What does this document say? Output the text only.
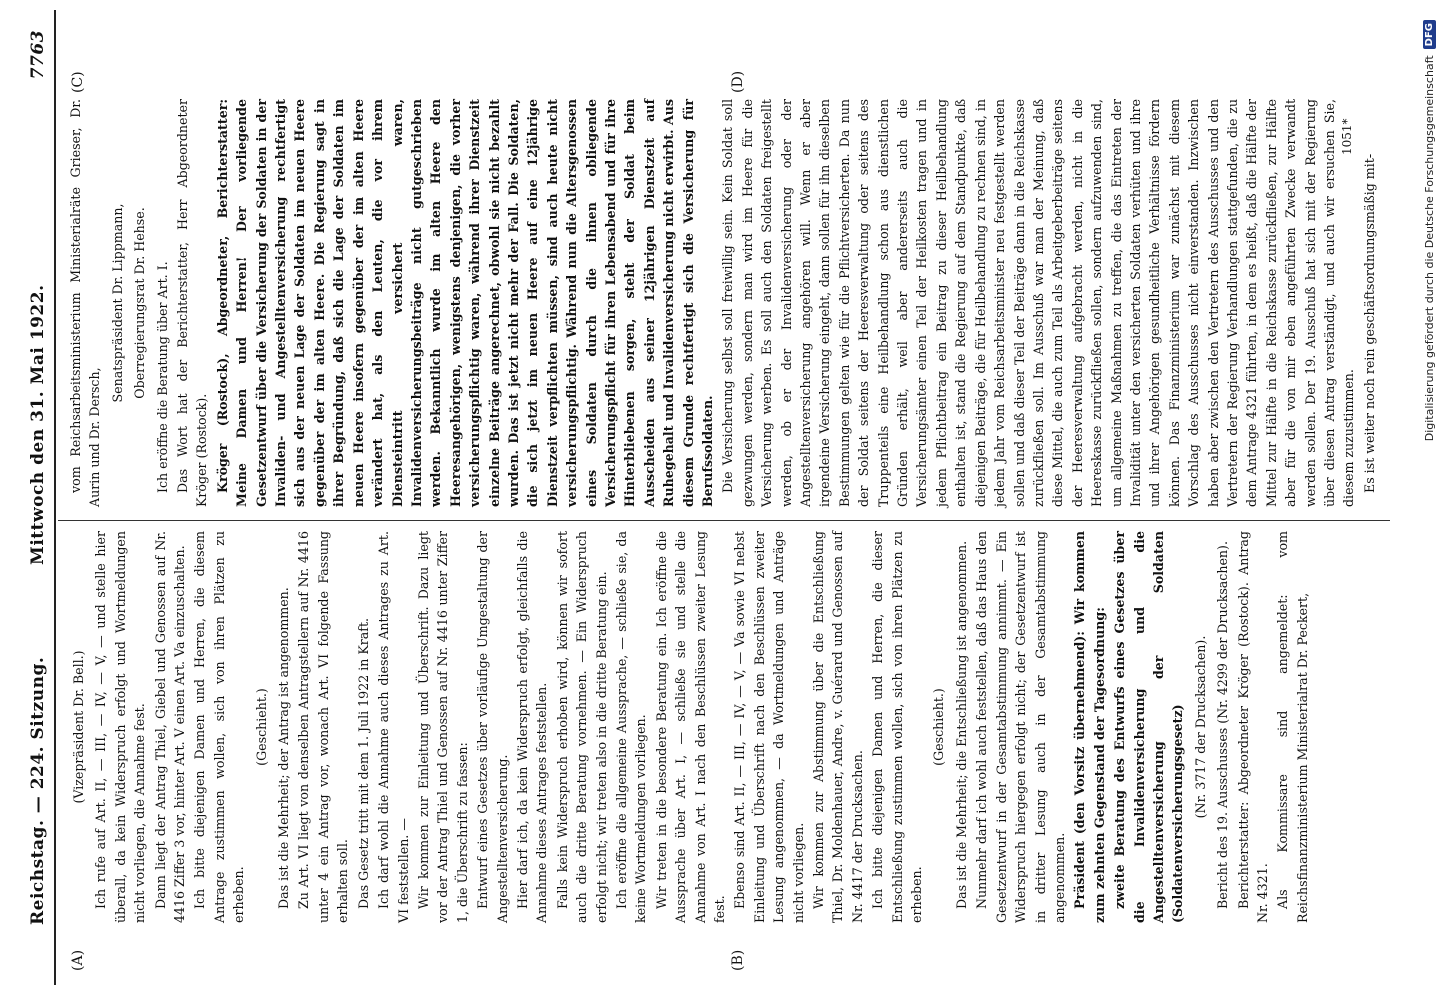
Reichstag. — 224. Sitzung.
Mittwoch den 31. Mai 1922.
7763
(A)	(B)
(C)	(D)

(Vizepräsident Dr. Bell.) Ich rufe auf Art. II, — III, — IV, — V, — und stelle hier überall, da kein Widerspruch erfolgt und Wortmeldungen nicht vorliegen, die Annahme fest. Dann liegt der Antrag Thiel, Giebel und Genossen auf Nr. 4416 Ziffer 3 vor, hinter Art. V einen Art. Va einzuschalten. Ich bitte diejenigen Damen und Herren, die diesem Antrage zustimmen wollen, sich von ihren Plätzen zu erheben.

(Geschieht.) Das ist die Mehrheit; der Antrag ist angenommen. Zu Art. VI liegt von denselben Antragstellern auf Nr. 4416 unter 4 ein Antrag vor, wonach Art. VI folgende Fassung erhalten soll. Das Gesetz tritt mit dem 1. Juli 1922 in Kraft. Ich darf wohl die Annahme auch dieses Antrages zu Art. VI feststellen. — Wir kommen zur Einleitung und Überschrift. Dazu liegt vor der Antrag Thiel und Genossen auf Nr. 4416 unter Ziffer 1, die Überschrift zu fassen: Entwurf eines Gesetzes über vorläufige Umgestaltung der Angestelltenversicherung. Hier darf ich, da kein Widerspruch erfolgt, gleichfalls die Annahme dieses Antrages feststellen. Falls kein Widerspruch erhoben wird, können wir sofort auch die dritte Beratung vornehmen. — Ein Widerspruch erfolgt nicht; wir treten also in die dritte Beratung ein. Ich eröffne die allgemeine Aussprache, — schließe sie, da keine Wortmeldungen vorliegen. Wir treten in die besondere Beratung ein. Ich eröffne die Aussprache über Art. I, — schließe sie und stelle die Annahme von Art. I nach den Beschlüssen zweiter Lesung fest.

Ebenso sind Art. II, — III, — IV, — V, — Va sowie VI nebst Einleitung und Überschrift nach den Beschlüssen zweiter Lesung angenommen, — da Wortmeldungen und Anträge nicht vorliegen. Wir kommen zur Abstimmung über die Entschließung Thiel, Dr. Moldenhauer, Andre, v. Guérard und Genossen auf Nr. 4417 der Drucksachen. Ich bitte diejenigen Damen und Herren, die dieser Entschließung zustimmen wollen, sich von ihren Plätzen zu erheben.

(Geschieht.) Das ist die Mehrheit; die Entschließung ist angenommen. Nunmehr darf ich wohl auch feststellen, daß das Haus den Gesetzentwurf in der Gesamtabstimmung annimmt. — Ein Widerspruch hiergegen erfolgt nicht; der Gesetzentwurf ist in dritter Lesung auch in der Gesamtabstimmung angenommen. Präsident (den Vorsitz übernehmend): Wir kommen zum zehnten Gegenstand der Tagesordnung: zweite Beratung des Entwurfs eines Gesetzes über die Invalidenversicherung und die Angestelltenversicherung der Soldaten (Soldatenversicherungsgesetz) (Nr. 3717 der Drucksachen). Bericht des 19. Ausschusses (Nr. 4299 der Drucksachen). Berichterstatter: Abgeordneter Kröger (Rostock). Antrag Nr. 4321. Als Kommissare sind angemeldet: vom Reichsfinanzministerium Ministerialrat Dr. Peckert,

vom Reichsarbeitsministerium Ministerialräte Grieser, Dr. Aurin und Dr. Dersch,

Senatspräsident Dr. Lippmann, Oberregierungsrat Dr. Hehse. Ich eröffne die Beratung über Art. I. Das Wort hat der Berichterstatter, Herr Abgeordneter Kröger (Rostock). Kröger (Rostock), Abgeordneter, Berichterstatter: Meine Damen und Herren! Der vorliegende Gesetzentwurf über die Versicherung der Soldaten in der Invaliden- und Angestelltenversicherung rechtfertigt sich aus der neuen Lage der Soldaten im neuen Heere gegenüber der im alten Heere. Die Regierung sagt in ihrer Begründung, daß sich die Lage der Soldaten im neuen Heere insofern gegenüber der im alten Heere verändert hat, als den Leuten, die vor ihrem Diensteintritt versichert waren, Invalidenversicherungsbeiträge nicht gutgeschrieben werden. Bekanntlich wurde im alten Heere den Heeresangehörigen, wenigstens denjenigen, die vorher versicherungspflichtig waren, während ihrer Dienstzeit einzelne Beiträge angerechnet, obwohl sie nicht bezahlt wurden. Das ist jetzt nicht mehr der Fall. Die Soldaten, die sich jetzt im neuen Heere auf eine 12jährige Dienstzeit verpflichten müssen, sind auch heute nicht versicherungspflichtig. Während nun die Altersgenossen eines Soldaten durch die ihnen obliegende Versicherungspflicht für ihren Lebensabend und für ihre Hinterbliebenen sorgen, steht der Soldat beim Ausscheiden aus seiner 12jährigen Dienstzeit auf Ruhegehalt und Invalidenversicherung nicht erwirbt. Aus diesem Grunde rechtfertigt sich die Versicherung für Berufssoldaten. Die Versicherung selbst soll freiwillig sein. Kein Soldat soll gezwungen werden, sondern man wird im Heere für die Versicherung werben. Es soll auch den Soldaten freigestellt werden, ob er der Invalidenversicherung oder der Angestelltenversicherung angehören will. Wenn er aber irgendeine Versicherung eingeht, dann sollen für ihn dieselben Bestimmungen gelten wie für die Pflichtversicherten. Da nun der Soldat seitens der Heeresverwaltung oder seitens des Truppenteils eine Heilbehandlung schon aus dienstlichen Gründen erhält, weil aber andererseits auch die Versicherungsämter einen Teil der Heilkosten tragen und in jedem Pflichtbeitrag ein Beitrag zu dieser Heilbehandlung enthalten ist, stand die Regierung auf dem Standpunkte, daß diejenigen Beiträge, die für Heilbehandlung zu rechnen sind, in jedem Jahr vom Reichsarbeitsminister neu festgestellt werden sollen und daß dieser Teil der Beiträge dann in die Reichskasse zurückfließen soll. Im Ausschuß war man der Meinung, daß diese Mittel, die auch zum Teil als Arbeitgeberbeiträge seitens der Heeresverwaltung aufgebracht werden, nicht in die Heereskasse zurückfließen sollen, sondern aufzuwenden sind, um allgemeine Maßnahmen zu treffen, die das Eintreten der Invalidität unter den versicherten Soldaten verhüten und ihre und ihrer Angehörigen gesundheitliche Verhältnisse fördern können. Das Finanzministerium war zunächst mit diesem Vorschlag des Ausschusses nicht einverstanden. Inzwischen haben aber zwischen den Vertretern des Ausschusses und den Vertretern der Regierung Verhandlungen stattgefunden, die zu dem Antrage 4321 führten, in dem es heißt, daß die Hälfte der Mittel zur Hälfte in die Reichskasse zurückfließen, zur Hälfte aber für die von mir eben angeführten Zwecke verwandt werden sollen. Der 19. Ausschuß hat sich mit der Regierung über diesen Antrag verständigt, und auch wir ersuchen Sie, diesem zuzustimmen. Es ist weiter noch rein geschäftsordnungsmäßig mit-

1051*	Digitalisierung gefördert durch die Deutsche Forschungsgemeinschaft
DFG
